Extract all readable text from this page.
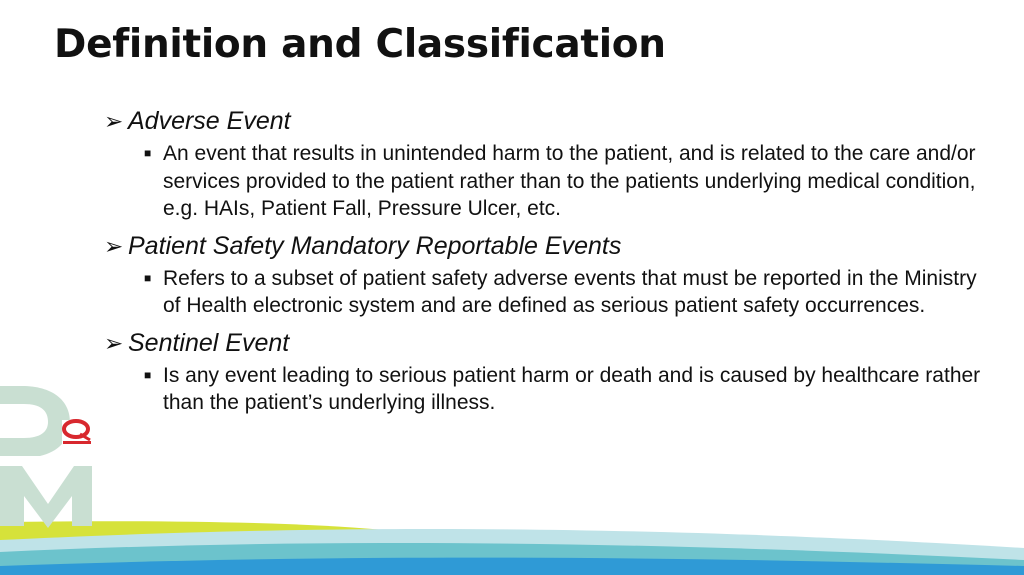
Definition and Classification
➢ Adverse Event
■ An event that results in unintended harm to the patient, and is related to the care and/or services provided to the patient rather than to the patients underlying medical condition, e.g. HAIs, Patient Fall, Pressure Ulcer, etc.
➢ Patient Safety Mandatory Reportable Events
■ Refers to a subset of patient safety adverse events that must be reported in the Ministry of Health electronic system and are defined as serious patient safety occurrences.
➢ Sentinel Event
■ Is any event leading to serious patient harm or death and is caused by healthcare rather than the patient’s underlying illness.
